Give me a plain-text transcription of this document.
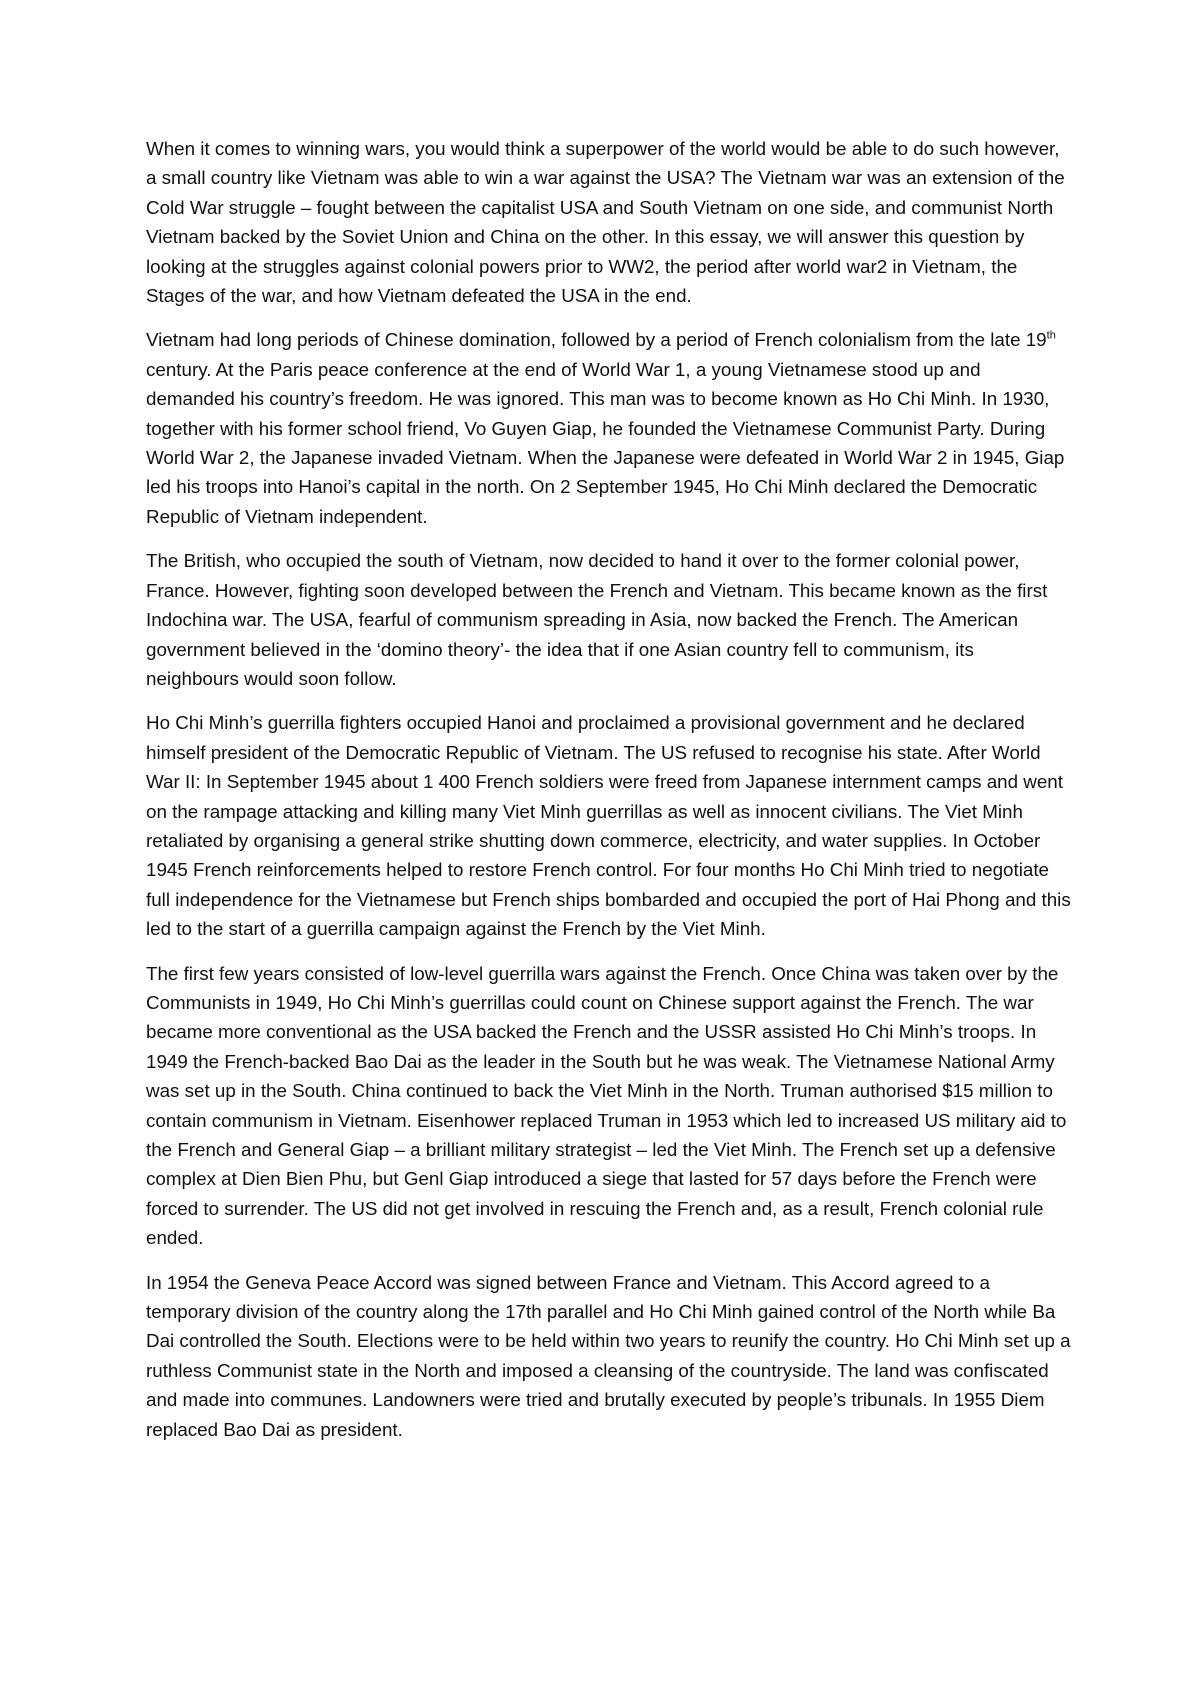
When it comes to winning wars, you would think a superpower of the world would be able to do such however, a small country like Vietnam was able to win a war against the USA? The Vietnam war was an extension of the Cold War struggle – fought between the capitalist USA and South Vietnam on one side, and communist North Vietnam backed by the Soviet Union and China on the other. In this essay, we will answer this question by looking at the struggles against colonial powers prior to WW2, the period after world war2 in Vietnam, the Stages of the war, and how Vietnam defeated the USA in the end.

Vietnam had long periods of Chinese domination, followed by a period of French colonialism from the late 19th century. At the Paris peace conference at the end of World War 1, a young Vietnamese stood up and demanded his country’s freedom. He was ignored. This man was to become known as Ho Chi Minh. In 1930, together with his former school friend, Vo Guyen Giap, he founded the Vietnamese Communist Party. During World War 2, the Japanese invaded Vietnam. When the Japanese were defeated in World War 2 in 1945, Giap led his troops into Hanoi’s capital in the north. On 2 September 1945, Ho Chi Minh declared the Democratic Republic of Vietnam independent.

The British, who occupied the south of Vietnam, now decided to hand it over to the former colonial power, France. However, fighting soon developed between the French and Vietnam. This became known as the first Indochina war. The USA, fearful of communism spreading in Asia, now backed the French. The American government believed in the ‘domino theory’- the idea that if one Asian country fell to communism, its neighbours would soon follow.

Ho Chi Minh’s guerrilla fighters occupied Hanoi and proclaimed a provisional government and he declared himself president of the Democratic Republic of Vietnam. The US refused to recognise his state. After World War II: In September 1945 about 1 400 French soldiers were freed from Japanese internment camps and went on the rampage attacking and killing many Viet Minh guerrillas as well as innocent civilians. The Viet Minh retaliated by organising a general strike shutting down commerce, electricity, and water supplies. In October 1945 French reinforcements helped to restore French control. For four months Ho Chi Minh tried to negotiate full independence for the Vietnamese but French ships bombarded and occupied the port of Hai Phong and this led to the start of a guerrilla campaign against the French by the Viet Minh.

The first few years consisted of low-level guerrilla wars against the French. Once China was taken over by the Communists in 1949, Ho Chi Minh’s guerrillas could count on Chinese support against the French. The war became more conventional as the USA backed the French and the USSR assisted Ho Chi Minh’s troops. In 1949 the French-backed Bao Dai as the leader in the South but he was weak. The Vietnamese National Army was set up in the South. China continued to back the Viet Minh in the North. Truman authorised $15 million to contain communism in Vietnam. Eisenhower replaced Truman in 1953 which led to increased US military aid to the French and General Giap – a brilliant military strategist – led the Viet Minh. The French set up a defensive complex at Dien Bien Phu, but Genl Giap introduced a siege that lasted for 57 days before the French were forced to surrender. The US did not get involved in rescuing the French and, as a result, French colonial rule ended.

In 1954 the Geneva Peace Accord was signed between France and Vietnam. This Accord agreed to a temporary division of the country along the 17th parallel and Ho Chi Minh gained control of the North while Ba Dai controlled the South. Elections were to be held within two years to reunify the country. Ho Chi Minh set up a ruthless Communist state in the North and imposed a cleansing of the countryside. The land was confiscated and made into communes. Landowners were tried and brutally executed by people’s tribunals. In 1955 Diem replaced Bao Dai as president.
